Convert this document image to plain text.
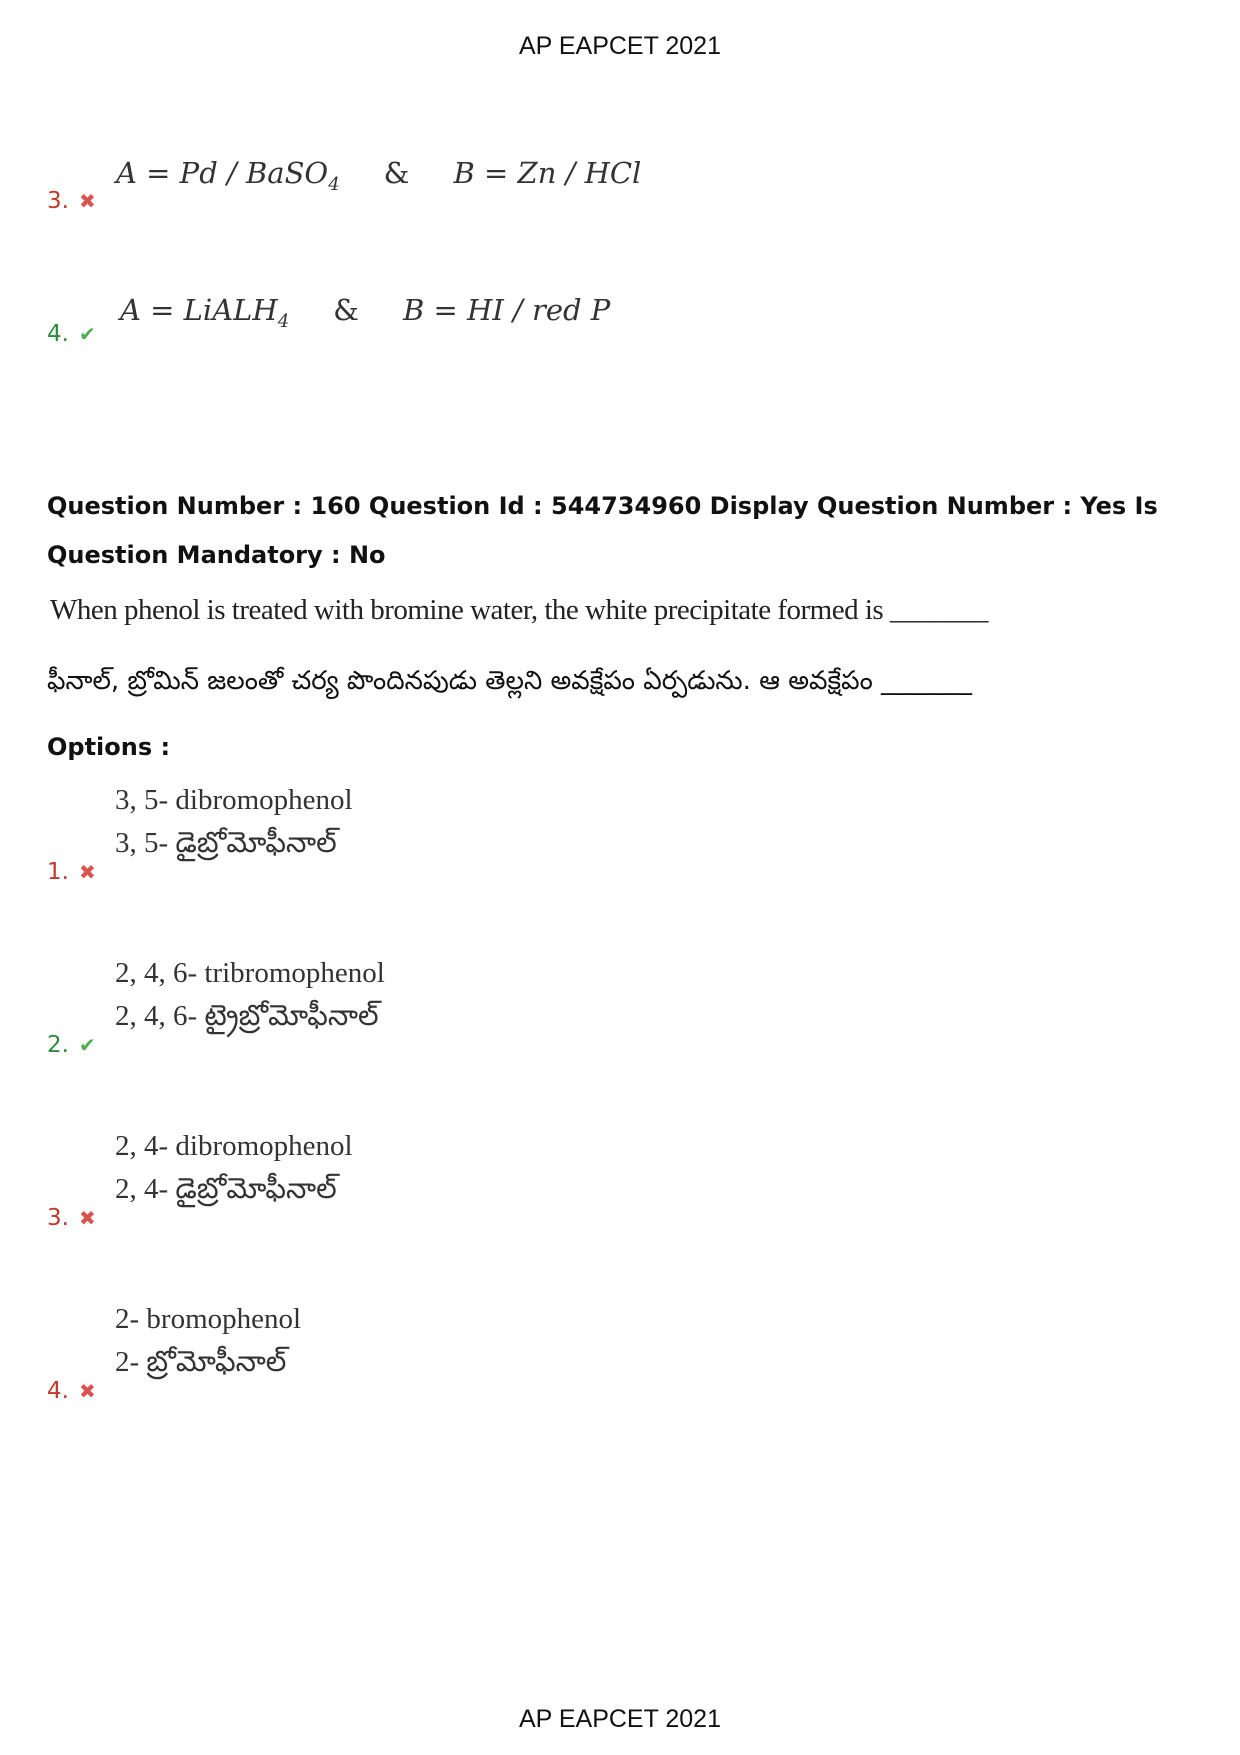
AP EAPCET 2021
A = Pd / BaSO$_4$ & B = Zn / HCl
3. ✖
A = LiALH$_4$ & B = HI / red P
4. ✔
Question Number : 160 Question Id : 544734960 Display Question Number : Yes Is Question Mandatory : No
When phenol is treated with bromine water, the white precipitate formed is _______
ఫీనాల్, బ్రోమిన్ జలంతో చర్య పొందినపుడు తెల్లని అవక్షేపం ఏర్పడును. ఆ అవక్షేపం _______
Options :
3, 5- dibromophenol
3, 5- డైబ్రోమోఫీనాల్
1. ✖
2, 4, 6- tribromophenol
2, 4, 6- ట్రైబ్రోమోఫీనాల్
2. ✔
2, 4- dibromophenol
2, 4- డైబ్రోమోఫీనాల్
3. ✖
2- bromophenol
2- బ్రోమోఫీనాల్
4. ✖
AP EAPCET 2021
